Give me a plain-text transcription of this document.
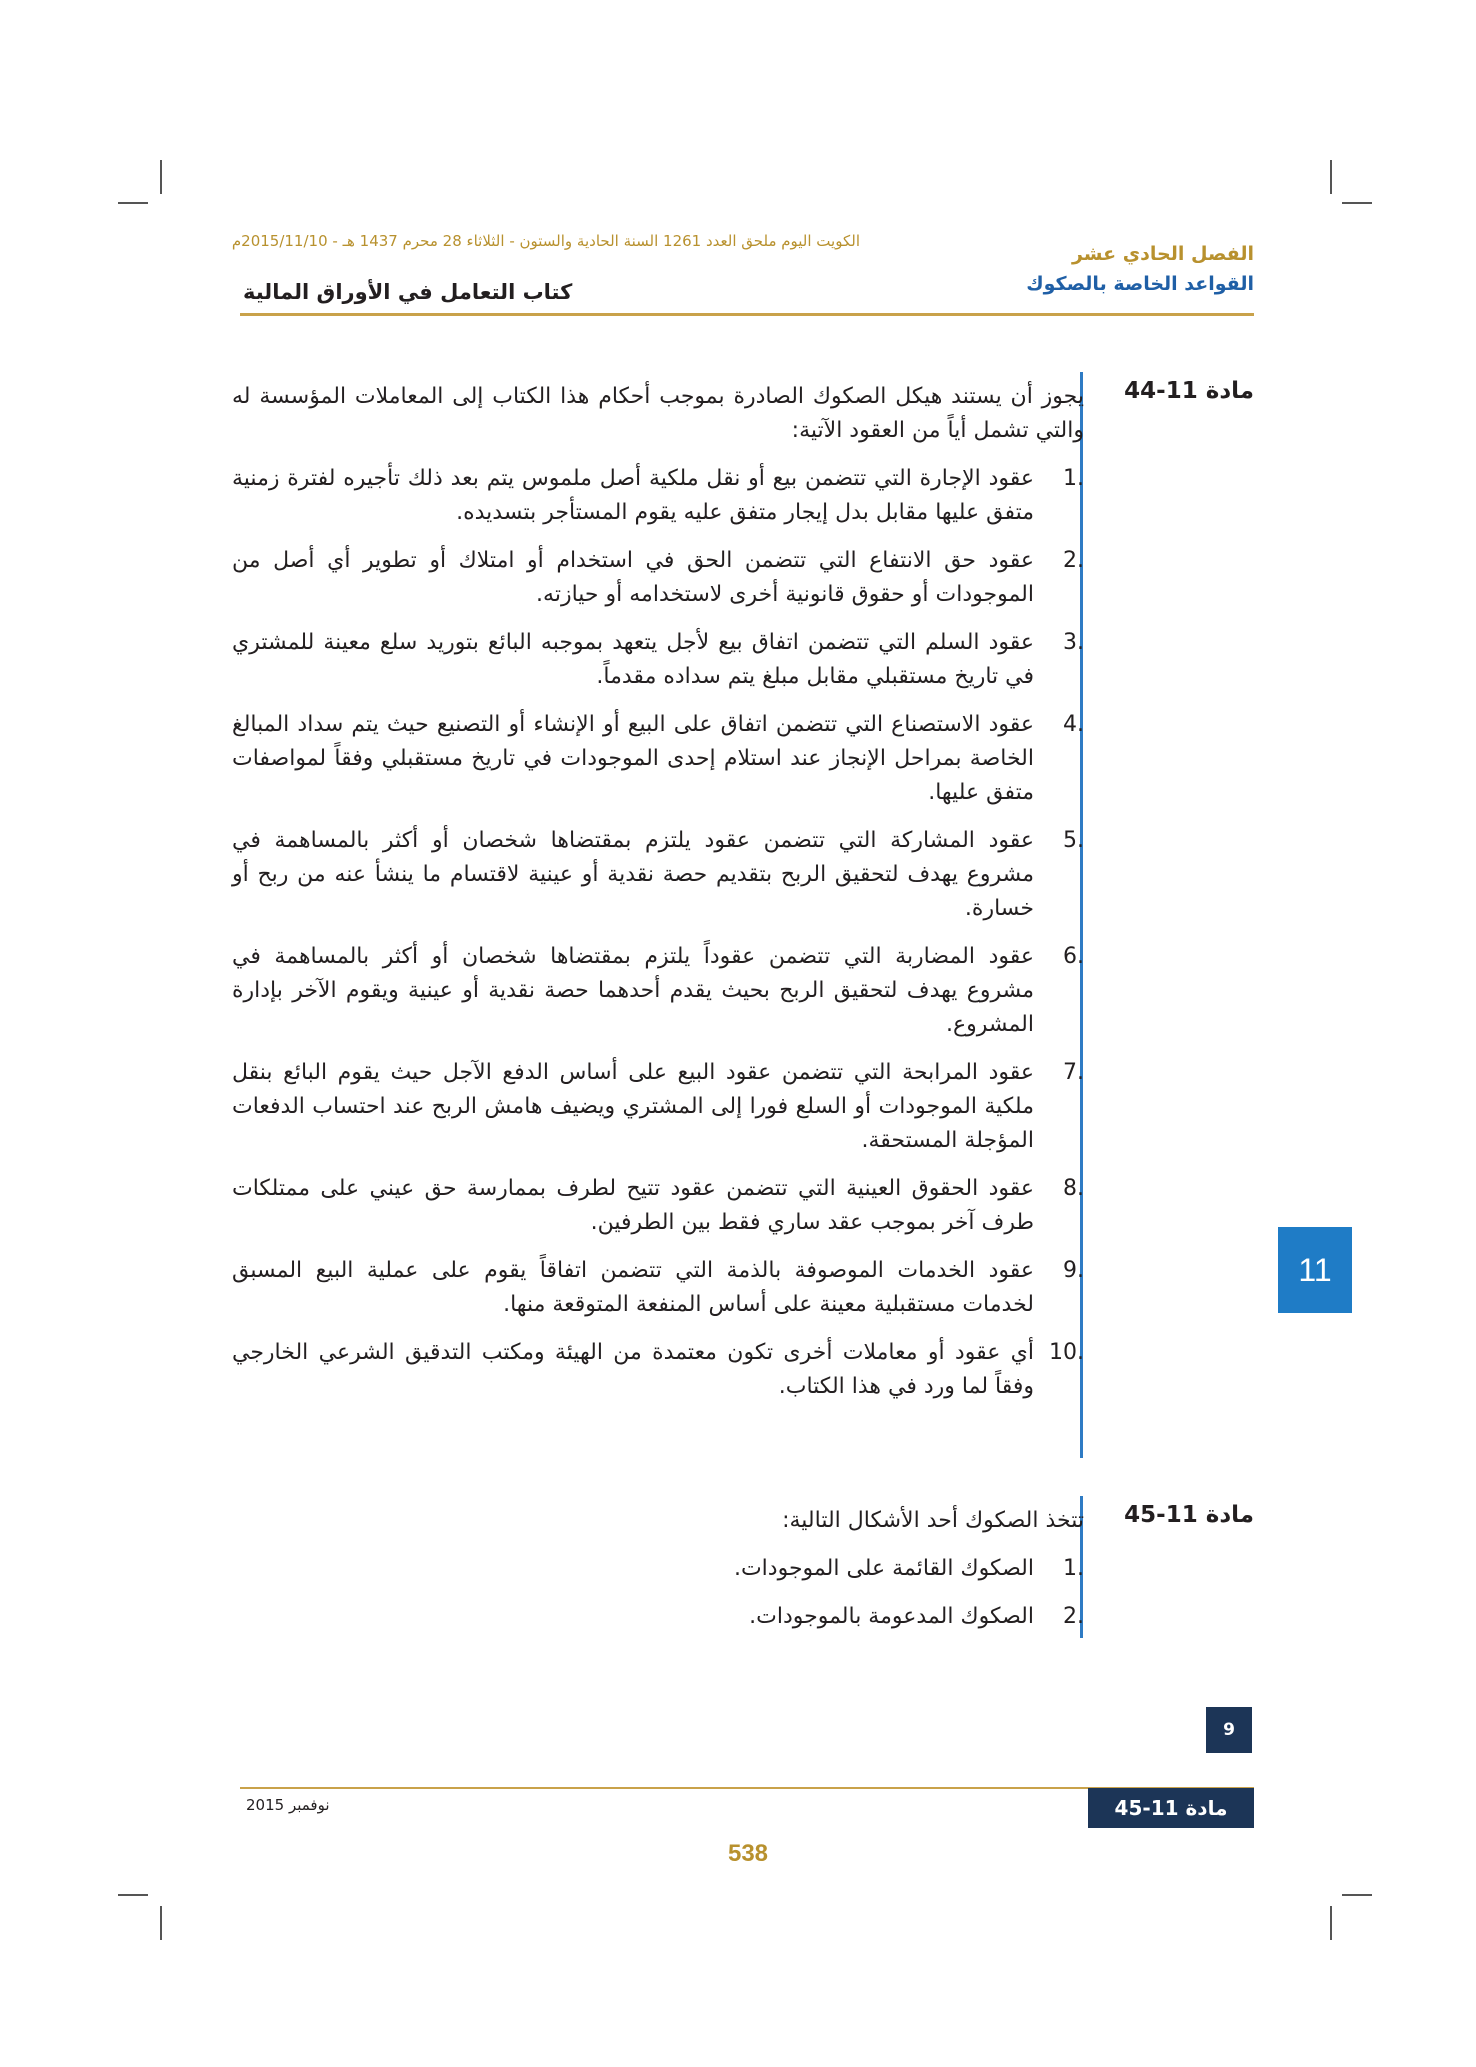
الكويت اليوم ملحق العدد 1261 السنة الحادية والستون - الثلاثاء 28 محرم 1437 هـ - 2015/11/10م
الفصل الحادي عشر
القواعد الخاصة بالصكوك
كتاب التعامل في الأوراق المالية
مادة 11-44

يجوز أن يستند هيكل الصكوك الصادرة بموجب أحكام هذا الكتاب إلى المعاملات المؤسسة له والتي تشمل أياً من العقود الآتية:

1.
عقود الإجارة التي تتضمن بيع أو نقل ملكية أصل ملموس يتم بعد ذلك تأجيره لفترة زمنية متفق عليها مقابل بدل إيجار متفق عليه يقوم المستأجر بتسديده.
2.
عقود حق الانتفاع التي تتضمن الحق في استخدام أو امتلاك أو تطوير أي أصل من الموجودات أو حقوق قانونية أخرى لاستخدامه أو حيازته.
3.
عقود السلم التي تتضمن اتفاق بيع لأجل يتعهد بموجبه البائع بتوريد سلع معينة للمشتري في تاريخ مستقبلي مقابل مبلغ يتم سداده مقدماً.
4.
عقود الاستصناع التي تتضمن اتفاق على البيع أو الإنشاء أو التصنيع حيث يتم سداد المبالغ الخاصة بمراحل الإنجاز عند استلام إحدى الموجودات في تاريخ مستقبلي وفقاً لمواصفات متفق عليها.
5.
عقود المشاركة التي تتضمن عقود يلتزم بمقتضاها شخصان أو أكثر بالمساهمة في مشروع يهدف لتحقيق الربح بتقديم حصة نقدية أو عينية لاقتسام ما ينشأ عنه من ربح أو خسارة.
6.
عقود المضاربة التي تتضمن عقوداً يلتزم بمقتضاها شخصان أو أكثر بالمساهمة في مشروع يهدف لتحقيق الربح بحيث يقدم أحدهما حصة نقدية أو عينية ويقوم الآخر بإدارة المشروع.
7.
عقود المرابحة التي تتضمن عقود البيع على أساس الدفع الآجل حيث يقوم البائع بنقل ملكية الموجودات أو السلع فورا إلى المشتري ويضيف هامش الربح عند احتساب الدفعات المؤجلة المستحقة.
8.
عقود الحقوق العينية التي تتضمن عقود تتيح لطرف بممارسة حق عيني على ممتلكات طرف آخر بموجب عقد ساري فقط بين الطرفين.
9.
عقود الخدمات الموصوفة بالذمة التي تتضمن اتفاقاً يقوم على عملية البيع المسبق لخدمات مستقبلية معينة على أساس المنفعة المتوقعة منها.
10.
أي عقود أو معاملات أخرى تكون معتمدة من الهيئة ومكتب التدقيق الشرعي الخارجي وفقاً لما ورد في هذا الكتاب.
مادة 11-45

تتخذ الصكوك أحد الأشكال التالية:

1.
الصكوك القائمة على الموجودات.
2.
الصكوك المدعومة بالموجودات.
11
9
نوفمبر 2015	مادة 11-45
538
